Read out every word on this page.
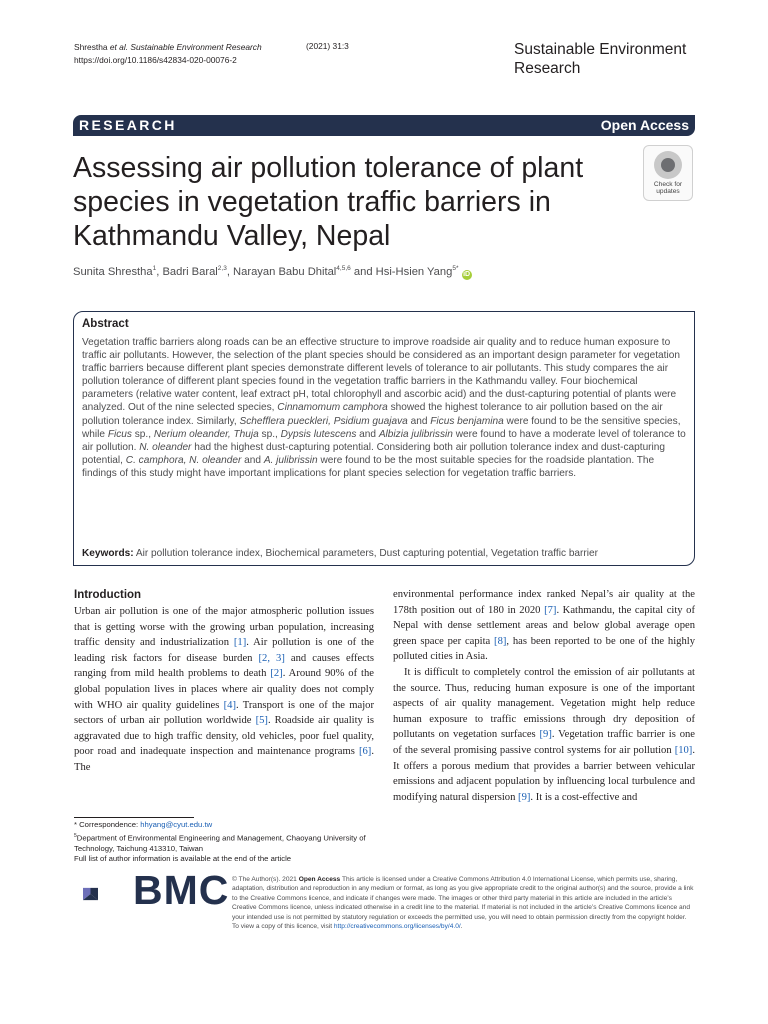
Shrestha et al. Sustainable Environment Research
https://doi.org/10.1186/s42834-020-00076-2
(2021) 31:3	Sustainable Environment
Research
RESEARCH	Open Access
Assessing air pollution tolerance of plant species in vegetation traffic barriers in Kathmandu Valley, Nepal
Check for
updates
Sunita Shrestha$^1$, Badri Baral$^{2,3}$, Narayan Babu Dhital$^{4,5,6}$ and Hsi-Hsien Yang$^{5*}$ iD
Abstract

Vegetation traffic barriers along roads can be an effective structure to improve roadside air quality and to reduce human exposure to traffic air pollutants. However, the selection of the plant species should be considered as an important design parameter for vegetation traffic barriers because different plant species demonstrate different levels of tolerance to air pollutants. This study compares the air pollution tolerance of different plant species found in the vegetation traffic barriers in the Kathmandu valley. Four biochemical parameters (relative water content, leaf extract pH, total chlorophyll and ascorbic acid) and the dust-capturing potential of plants were analyzed. Out of the nine selected species, Cinnamomum camphora showed the highest tolerance to air pollution based on the air pollution tolerance index. Similarly, Schefflera pueckleri, Psidium guajava and Ficus benjamina were found to be the sensitive species, while Ficus sp., Nerium oleander, Thuja sp., Dypsis lutescens and Albizia julibrissin were found to have a moderate level of tolerance to air pollution. N. oleander had the highest dust-capturing potential. Considering both air pollution tolerance index and dust-capturing potential, C. camphora, N. oleander and A. julibrissin were found to be the most suitable species for the roadside plantation. The findings of this study might have important implications for plant species selection for vegetation traffic barriers.

Keywords: Air pollution tolerance index, Biochemical parameters, Dust capturing potential, Vegetation traffic barrier
Introduction

Urban air pollution is one of the major atmospheric pollution issues that is getting worse with the growing urban population, increasing traffic density and industrialization [1]. Air pollution is one of the leading risk factors for disease burden [2, 3] and causes effects ranging from mild health problems to death [2]. Around 90% of the global population lives in places where air quality does not comply with WHO air quality guidelines [4]. Transport is one of the major sectors of urban air pollution worldwide [5]. Roadside air quality is aggravated due to high traffic density, old vehicles, poor fuel quality, poor road and inadequate inspection and maintenance programs [6]. The

environmental performance index ranked Nepal’s air quality at the 178th position out of 180 in 2020 [7]. Kathmandu, the capital city of Nepal with dense settlement areas and below global average open green space per capita [8], has been reported to be one of the highly polluted cities in Asia.

It is difficult to completely control the emission of air pollutants at the source. Thus, reducing human exposure is one of the important aspects of air quality management. Vegetation might help reduce human exposure to traffic emissions through dry deposition of pollutants on vegetation surfaces [9]. Vegetation traffic barrier is one of the several promising passive control systems for air pollution [10]. It offers a porous medium that provides a barrier between vehicular emissions and adjacent population by influencing local turbulence and modifying natural dispersion [9]. It is a cost-effective and

* Correspondence: hhyang@cyut.edu.tw
$^5$Department of Environmental Engineering and Management, Chaoyang University of Technology, Taichung 413310, Taiwan
Full list of author information is available at the end of the article
BMC © The Author(s). 2021 Open Access This article is licensed under a Creative Commons Attribution 4.0 International License, which permits use, sharing, adaptation, distribution and reproduction in any medium or format, as long as you give appropriate credit to the original author(s) and the source, provide a link to the Creative Commons licence, and indicate if changes were made. The images or other third party material in this article are included in the article’s Creative Commons licence, unless indicated otherwise in a credit line to the material. If material is not included in the article’s Creative Commons licence and your intended use is not permitted by statutory regulation or exceeds the permitted use, you will need to obtain permission directly from the copyright holder. To view a copy of this licence, visit http://creativecommons.org/licenses/by/4.0/.
